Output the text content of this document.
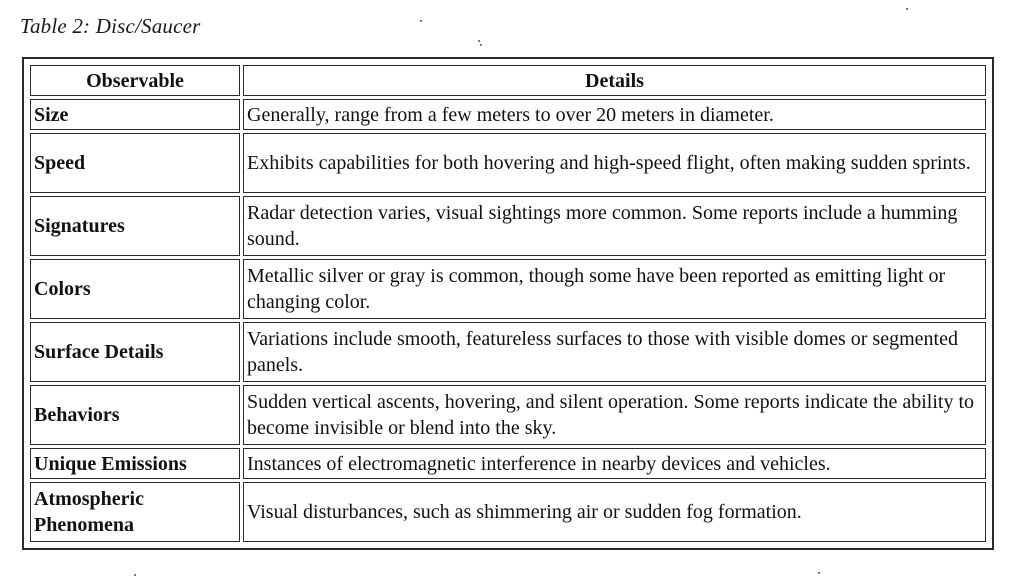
Table 2: Disc/Saucer
Observable	Details
Size	Generally, range from a few meters to over 20 meters in diameter.
Speed	Exhibits capabilities for both hovering and high-speed flight, often making sudden sprints.
Signatures	Radar detection varies, visual sightings more common. Some reports include a humming sound.
Colors	Metallic silver or gray is common, though some have been reported as emitting light or changing color.
Surface Details	Variations include smooth, featureless surfaces to those with visible domes or segmented panels.
Behaviors	Sudden vertical ascents, hovering, and silent operation. Some reports indicate the ability to become invisible or blend into the sky.
Unique Emissions	Instances of electromagnetic interference in nearby devices and vehicles.
Atmospheric Phenomena	Visual disturbances, such as shimmering air or sudden fog formation.
